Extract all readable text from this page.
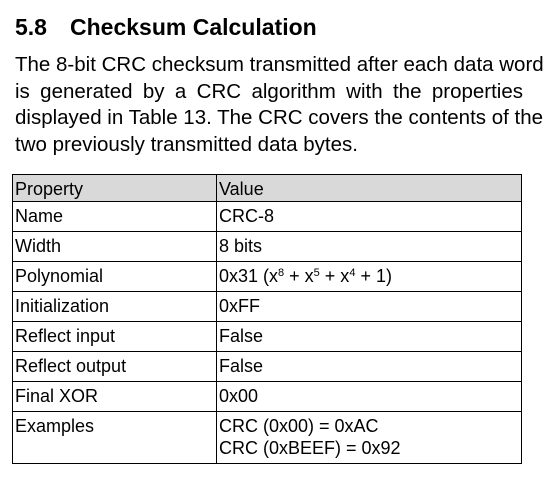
5.8 Checksum Calculation
The 8-bit CRC checksum transmitted after each data word
is generated by a CRC algorithm with the properties
displayed in Table 13. The CRC covers the contents of the
two previously transmitted data bytes.
Property	Value
Name	CRC-8
Width	8 bits
Polynomial	0x31 $(x^8 + x^5 + x^4 + 1)$
Initialization	0xFF
Reflect input	False
Reflect output	False
Final XOR	0x00
Examples	CRC (0x00) = 0xAC
CRC (0xBEEF) = 0x92
